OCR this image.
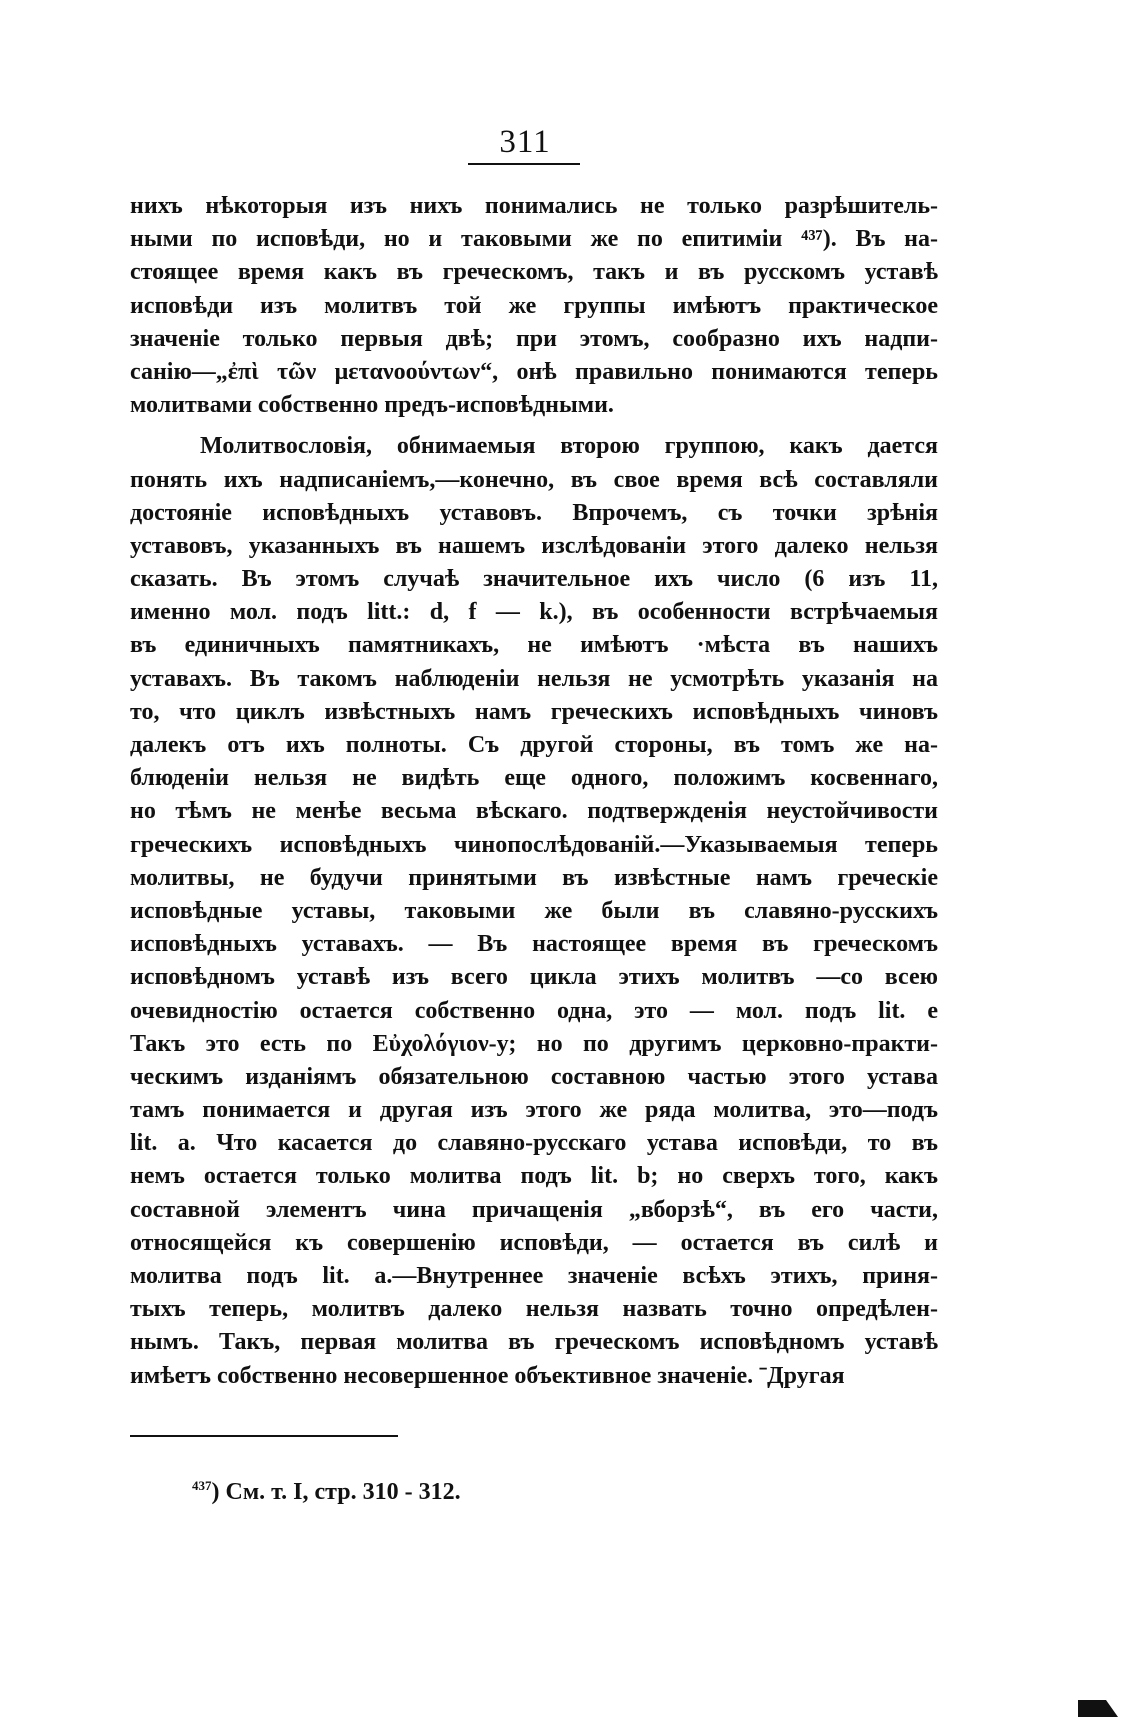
311
нихъ нѣкоторыя изъ нихъ понимались не только разрѣшитель-
ными по исповѣди, но и таковыми же по епитиміи ⁴³⁷). Въ на-
стоящее время какъ въ греческомъ, такъ и въ русскомъ уставѣ
исповѣди изъ молитвъ той же группы имѣютъ практическое
значеніе только первыя двѣ; при этомъ, сообразно ихъ надпи-
санію—„ἐπὶ τῶν μετανοούντων“, онѣ правильно понимаются теперь
молитвами собственно предъ-исповѣдными.
Молитвословія, обнимаемыя второю группою, какъ дается
понять ихъ надписаніемъ,—конечно, въ свое время всѣ составляли
достояніе исповѣдныхъ уставовъ. Впрочемъ, съ точки зрѣнія
уставовъ, указанныхъ въ нашемъ изслѣдованіи этого далеко нельзя
сказать. Въ этомъ случаѣ значительное ихъ число (6 изъ 11,
именно мол. подъ litt.: d, f — k.), въ особенности встрѣчаемыя
въ единичныхъ памятникахъ, не имѣютъ ·мѣста въ нашихъ
уставахъ. Въ такомъ наблюденіи нельзя не усмотрѣть указанія на
то, что циклъ извѣстныхъ намъ греческихъ исповѣдныхъ чиновъ
далекъ отъ ихъ полноты. Съ другой стороны, въ томъ же на-
блюденіи нельзя не видѣть еще одного, положимъ косвеннаго,
но тѣмъ не менѣе весьма вѣскаго. подтвержденія неустойчивости
греческихъ исповѣдныхъ чинопослѣдованій.—Указываемыя теперь
молитвы, не будучи принятыми въ извѣстные намъ греческіе
исповѣдные уставы, таковыми же были въ славяно-русскихъ
исповѣдныхъ уставахъ. — Въ настоящее время въ греческомъ
исповѣдномъ уставѣ изъ всего цикла этихъ молитвъ —со всею
очевидностію остается собственно одна, это — мол. подъ lit. e
Такъ это есть по Εὐχολόγιον-у; но по другимъ церковно-практи-
ческимъ изданіямъ обязательною составною частью этого устава
тамъ понимается и другая изъ этого же ряда молитва, это—подъ
lit. a. Что касается до славяно-русскаго устава исповѣди, то въ
немъ остается только молитва подъ lit. b; но сверхъ того, какъ
составной элементъ чина причащенія „вборзѣ“, въ его части,
относящейся къ совершенію исповѣди, — остается въ силѣ и
молитва подъ lit. a.—Внутреннее значеніе всѣхъ этихъ, приня-
тыхъ теперь, молитвъ далеко нельзя назвать точно опредѣлен-
нымъ. Такъ, первая молитва въ греческомъ исповѣдномъ уставѣ
имѣетъ собственно несовершенное объективное значеніе. ˉДругая
$^{437}$) См. т. I, стр. 310 - 312.
